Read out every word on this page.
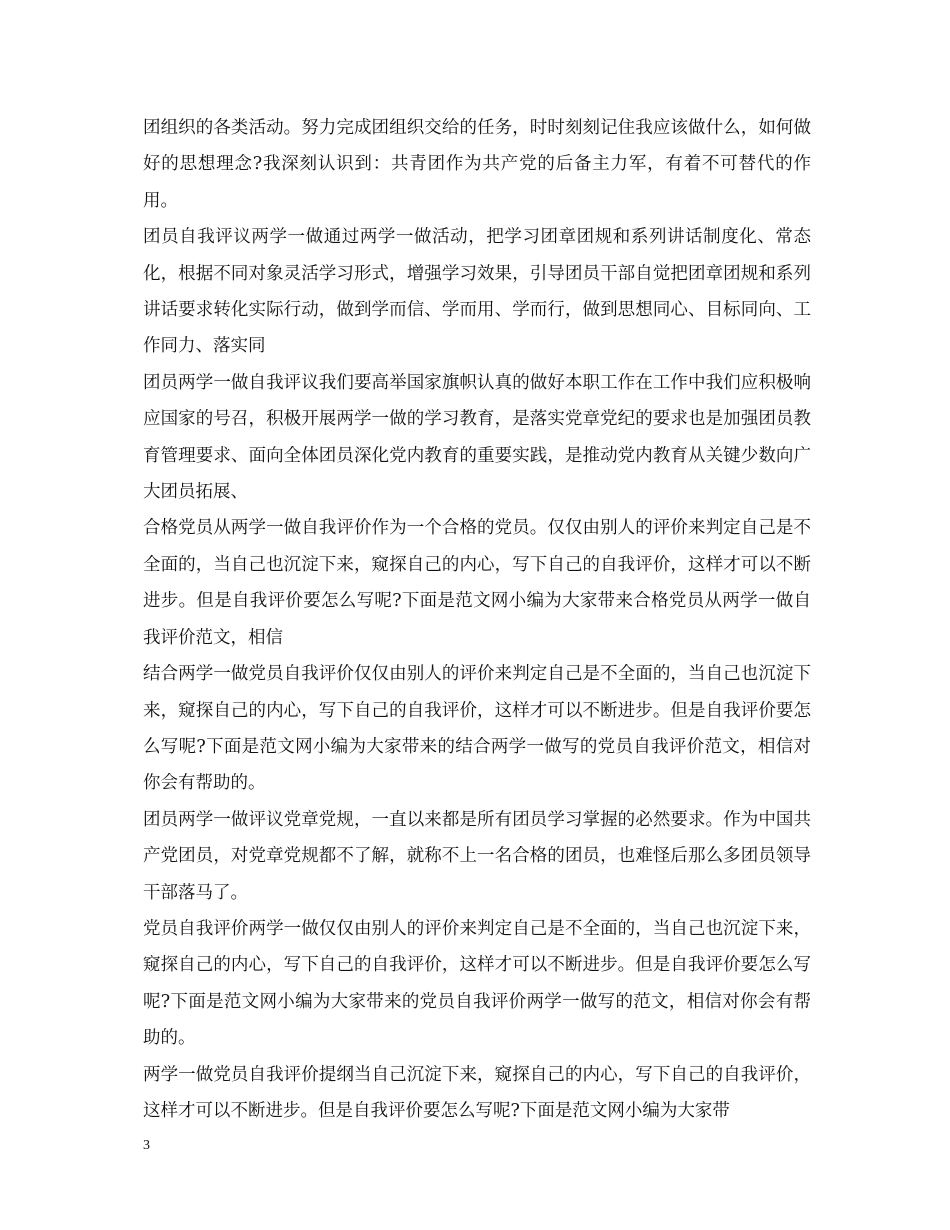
团组织的各类活动。努力完成团组织交给的任务，时时刻刻记住我应该做什么，如何做好的思想理念?我深刻认识到：共青团作为共产党的后备主力军，有着不可替代的作用。

团员自我评议两学一做通过两学一做活动，把学习团章团规和系列讲话制度化、常态化，根据不同对象灵活学习形式，增强学习效果，引导团员干部自觉把团章团规和系列讲话要求转化实际行动，做到学而信、学而用、学而行，做到思想同心、目标同向、工作同力、落实同

团员两学一做自我评议我们要高举国家旗帜认真的做好本职工作在工作中我们应积极响应国家的号召，积极开展两学一做的学习教育，是落实党章党纪的要求也是加强团员教育管理要求、面向全体团员深化党内教育的重要实践，是推动党内教育从关键少数向广大团员拓展、

合格党员从两学一做自我评价作为一个合格的党员。仅仅由别人的评价来判定自己是不全面的，当自己也沉淀下来，窥探自己的内心，写下自己的自我评价，这样才可以不断进步。但是自我评价要怎么写呢?下面是范文网小编为大家带来合格党员从两学一做自我评价范文，相信

结合两学一做党员自我评价仅仅由别人的评价来判定自己是不全面的，当自己也沉淀下来，窥探自己的内心，写下自己的自我评价，这样才可以不断进步。但是自我评价要怎么写呢?下面是范文网小编为大家带来的结合两学一做写的党员自我评价范文，相信对你会有帮助的。

团员两学一做评议党章党规，一直以来都是所有团员学习掌握的必然要求。作为中国共产党团员，对党章党规都不了解，就称不上一名合格的团员，也难怪后那么多团员领导干部落马了。

党员自我评价两学一做仅仅由别人的评价来判定自己是不全面的，当自己也沉淀下来，窥探自己的内心，写下自己的自我评价，这样才可以不断进步。但是自我评价要怎么写呢?下面是范文网小编为大家带来的党员自我评价两学一做写的范文，相信对你会有帮助的。

两学一做党员自我评价提纲当自己沉淀下来，窥探自己的内心，写下自己的自我评价，这样才可以不断进步。但是自我评价要怎么写呢?下面是范文网小编为大家带

3
